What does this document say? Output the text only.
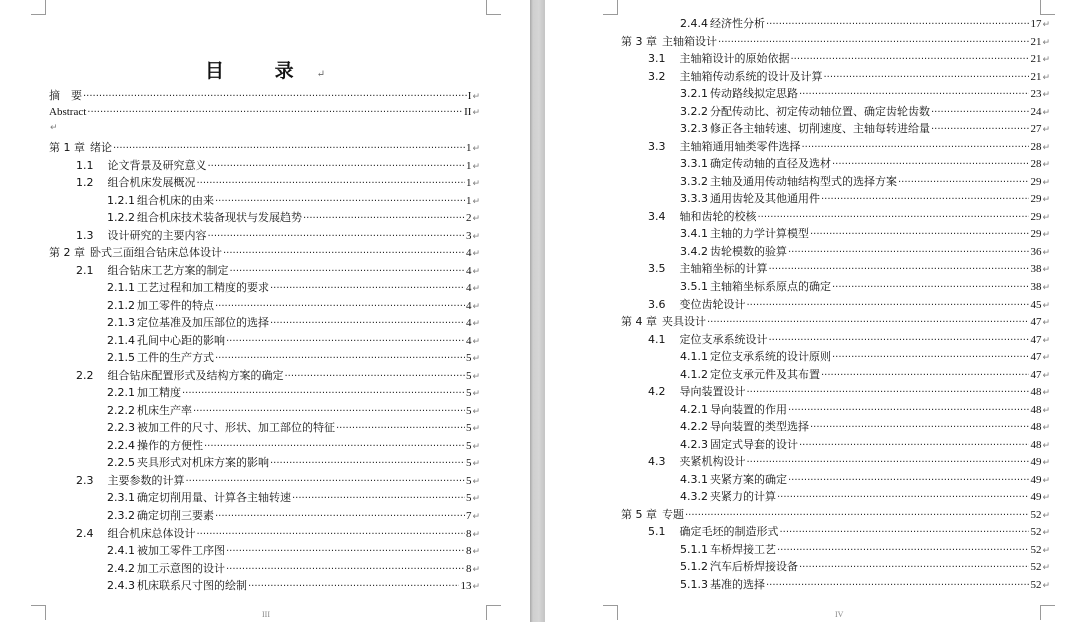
目 录↵
摘　要 ·····	I ↵
Abstract ·····	II ↵
第 1 章 绪论 ·····	1 ↵
1.1 论文背景及研究意义 ·····	1 ↵
1.2 组合机床发展概况 ·····	1 ↵
1.2.1 组合机床的由来 ·····	1 ↵
1.2.2 组合机床技术装备现状与发展趋势 ·····	2 ↵
1.3 设计研究的主要内容 ·····	3 ↵
第 2 章 卧式三面组合钻床总体设计 ·····	4 ↵
2.1 组合钻床工艺方案的制定 ·····	4 ↵
2.1.1 工艺过程和加工精度的要求 ·····	4 ↵
2.1.2 加工零件的特点 ·····	4 ↵
2.1.3 定位基准及加压部位的选择 ·····	4 ↵
2.1.4 孔间中心距的影响 ·····	4 ↵
2.1.5 工件的生产方式 ·····	5 ↵
2.2 组合钻床配置形式及结构方案的确定 ·····	5 ↵
2.2.1 加工精度 ·····	5 ↵
2.2.2 机床生产率 ·····	5 ↵
2.2.3 被加工件的尺寸、形状、加工部位的特征 ·····	5 ↵
2.2.4 操作的方便性 ·····	5 ↵
2.2.5 夹具形式对机床方案的影响 ·····	5 ↵
2.3 主要参数的计算 ·····	5 ↵
2.3.1 确定切削用量、计算各主轴转速 ·····	5 ↵
2.3.2 确定切削三要素 ·····	7 ↵
2.4 组合机床总体设计 ·····	8 ↵
2.4.1 被加工零件工序图 ·····	8 ↵
2.4.2 加工示意图的设计 ·····	8 ↵
2.4.3 机床联系尺寸图的绘制 ·····	13 ↵
III
↵
2.4.4 经济性分析 ·····	17 ↵
第 3 章 主轴箱设计 ·····	21 ↵
3.1 主轴箱设计的原始依据 ·····	21 ↵
3.2 主轴箱传动系统的设计及计算 ·····	21 ↵
3.2.1 传动路线拟定思路 ·····	23 ↵
3.2.2 分配传动比、初定传动轴位置、确定齿轮齿数 ·····	24 ↵
3.2.3 修正各主轴转速、切削速度、主轴每转进给量 ·····	27 ↵
3.3 主轴箱通用轴类零件选择 ·····	28 ↵
3.3.1 确定传动轴的直径及选材 ·····	28 ↵
3.3.2 主轴及通用传动轴结构型式的选择方案 ·····	29 ↵
3.3.3 通用齿轮及其他通用件 ·····	29 ↵
3.4 轴和齿轮的校核 ·····	29 ↵
3.4.1 主轴的力学计算模型 ·····	29 ↵
3.4.2 齿轮模数的验算 ·····	36 ↵
3.5 主轴箱坐标的计算 ·····	38 ↵
3.5.1 主轴箱坐标系原点的确定 ·····	38 ↵
3.6 变位齿轮设计 ·····	45 ↵
第 4 章 夹具设计 ·····	47 ↵
4.1 定位支承系统设计 ·····	47 ↵
4.1.1 定位支承系统的设计原则 ·····	47 ↵
4.1.2 定位支承元件及其布置 ·····	47 ↵
4.2 导向装置设计 ·····	48 ↵
4.2.1 导向装置的作用 ·····	48 ↵
4.2.2 导向装置的类型选择 ·····	48 ↵
4.2.3 固定式导套的设计 ·····	48 ↵
4.3 夹紧机构设计 ·····	49 ↵
4.3.1 夹紧方案的确定 ·····	49 ↵
4.3.2 夹紧力的计算 ·····	49 ↵
第 5 章 专题 ·····	52 ↵
5.1 确定毛坯的制造形式 ·····	52 ↵
5.1.1 车桥焊接工艺 ·····	52 ↵
5.1.2 汽车后桥焊接设备 ·····	52 ↵
5.1.3 基准的选择 ·····	52 ↵
IV
